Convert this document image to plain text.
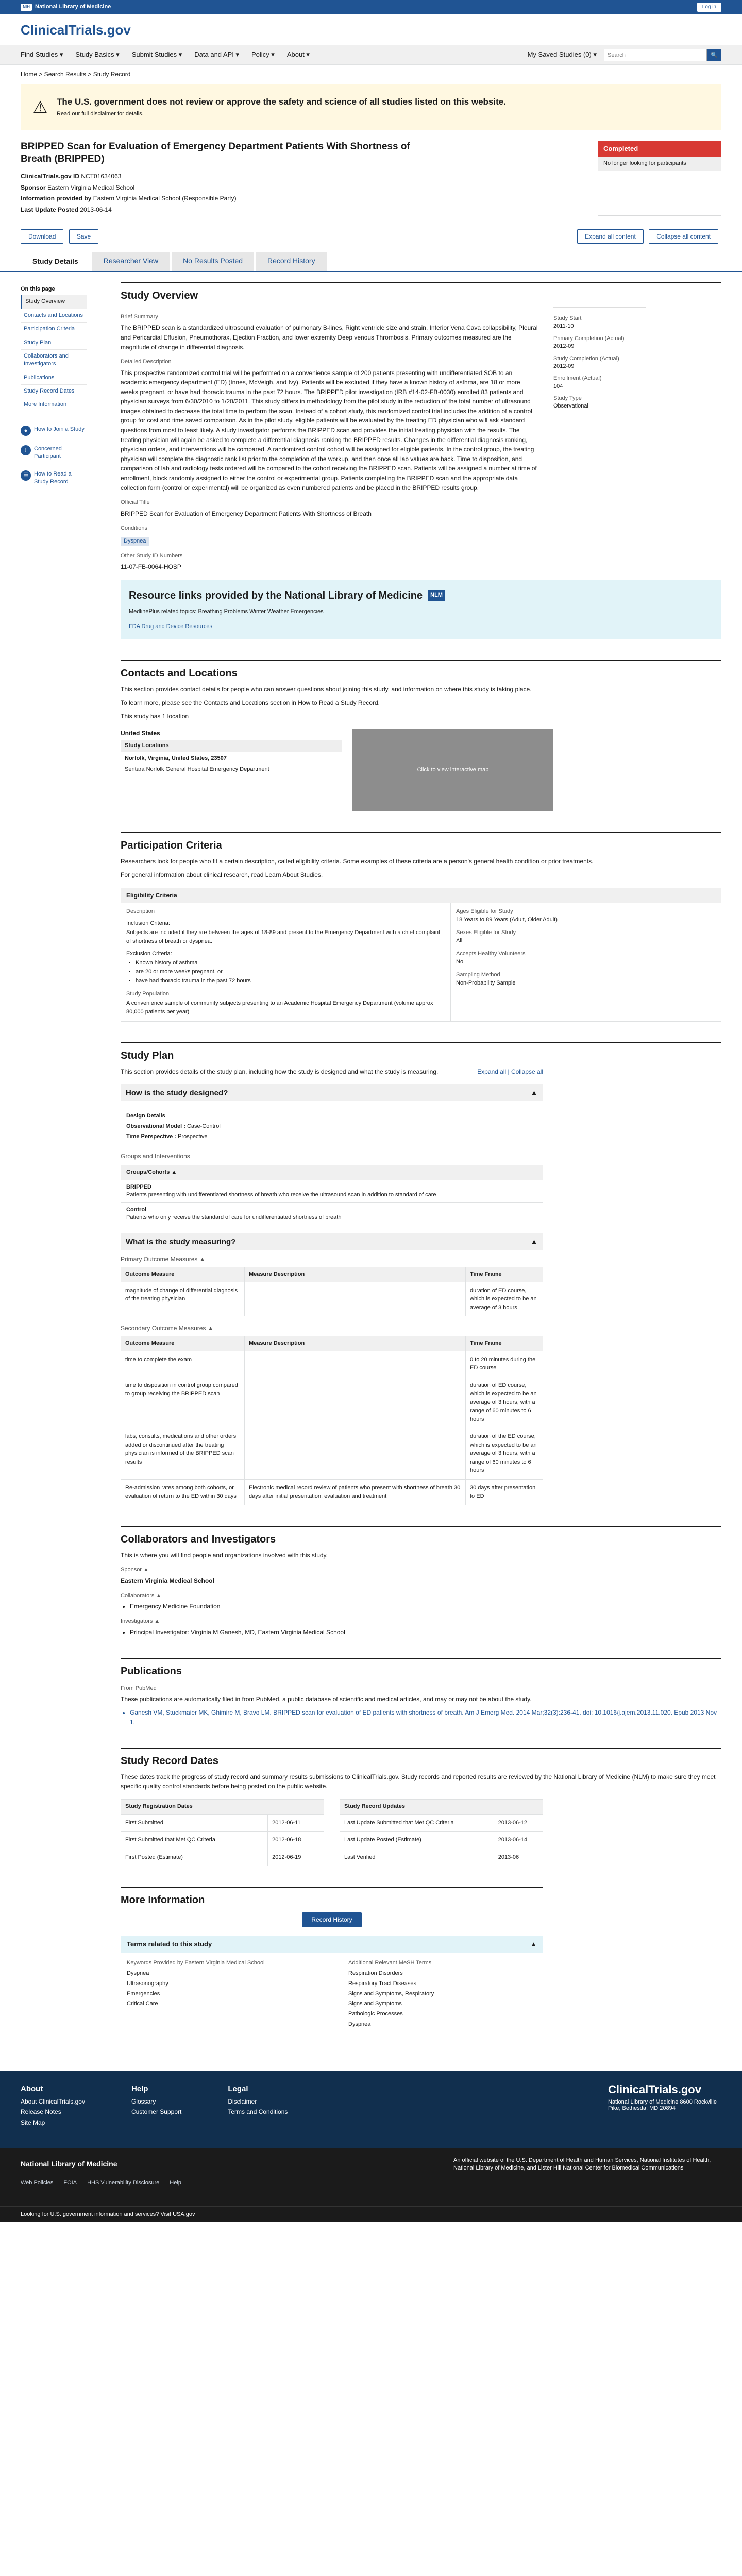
NIH National Library of Medicine	Log in
ClinicalTrials.gov
Find Studies ▾ Study Basics ▾ Submit Studies ▾ Data and API ▾ Policy ▾ About ▾	My Saved Studies (0) ▾
Search	🔍
Home > Search Results > Study Record
⚠ The U.S. government does not review or approve the safety and science of all studies listed on this website.
Read our full disclaimer for details.
BRIPPED Scan for Evaluation of Emergency Department Patients With Shortness of Breath (BRIPPED)
ClinicalTrials.gov ID NCT01634063
Sponsor Eastern Virginia Medical School
Information provided by Eastern Virginia Medical School (Responsible Party)
Last Update Posted 2013-06-14
Completed
No longer looking for participants
Download	Save	Expand all content	Collapse all content
Study Details	Researcher View	No Results Posted	Record History
On this page
Study Overview
Contacts and Locations
Participation Criteria
Study Plan
Collaborators and Investigators
Publications
Study Record Dates
More Information
●	How to Join a Study
!	Concerned Participant
☰	How to Read a Study Record
Study Overview
Brief Summary
The BRIPPED scan is a standardized ultrasound evaluation of pulmonary B-lines, Right ventricle size and strain, Inferior Vena Cava collapsibility, Pleural and Pericardial Effusion, Pneumothorax, Ejection Fraction, and lower extremity Deep venous Thrombosis. Primary outcomes measured are the magnitude of change in differential diagnosis.
Detailed Description
This prospective randomized control trial will be performed on a convenience sample of 200 patients presenting with undifferentiated SOB to an academic emergency department (ED) (Innes, McVeigh, and Ivy). Patients will be excluded if they have a known history of asthma, are 18 or more weeks pregnant, or have had thoracic trauma in the past 72 hours. The BRIPPED pilot investigation (IRB #14-02-FB-0030) enrolled 83 patients and physician surveys from 6/30/2010 to 1/20/2011. This study differs in methodology from the pilot study in the reduction of the total number of ultrasound images obtained to decrease the total time to perform the scan. Instead of a cohort study, this randomized control trial includes the addition of a control group for cost and time saved comparison. As in the pilot study, eligible patients will be evaluated by the treating ED physician who will ask standard questions from most to least likely. A study investigator performs the BRIPPED scan and provides the initial treating physician with the results. The treating physician will again be asked to complete a differential diagnosis ranking the BRIPPED results. Changes in the differential diagnosis ranking, physician orders, and interventions will be compared. A randomized control cohort will be assigned for eligible patients. In the control group, the treating physician will complete the diagnostic rank list prior to the completion of the workup, and then once all lab values are back. Time to disposition, and comparison of lab and radiology tests ordered will be compared to the cohort receiving the BRIPPED scan. Patients will be assigned a number at time of enrollment, block randomly assigned to either the control or experimental group. Patients completing the BRIPPED scan and the appropriate data collection form (control or experimental) will be organized as even numbered patients and be placed in the BRIPPED results group.
Official Title
BRIPPED Scan for Evaluation of Emergency Department Patients With Shortness of Breath
Conditions
Dyspnea
Other Study ID Numbers
11-07-FB-0064-HOSP
Study Start
2011-10
Primary Completion (Actual)
2012-09
Study Completion (Actual)
2012-09
Enrollment (Actual)
104
Study Type
Observational
Resource links provided by the National Library of Medicine	NLM
MedlinePlus related topics: Breathing Problems Winter Weather Emergencies
FDA Drug and Device Resources
Contacts and Locations
This section provides contact details for people who can answer questions about joining this study, and information on where this study is taking place.
To learn more, please see the Contacts and Locations section in How to Read a Study Record.
This study has 1 location
United States
Study Locations
Norfolk, Virginia, United States, 23507
Sentara Norfolk General Hospital Emergency Department	Click to view interactive map
Participation Criteria
Researchers look for people who fit a certain description, called eligibility criteria. Some examples of these criteria are a person's general health condition or prior treatments.
For general information about clinical research, read Learn About Studies.
Eligibility Criteria
Description
Inclusion Criteria:
Subjects are included if they are between the ages of 18-89 and present to the Emergency Department with a chief complaint of shortness of breath or dyspnea.
Exclusion Criteria:
• Known history of asthma
• are 20 or more weeks pregnant, or
• have had thoracic trauma in the past 72 hours
Study Population
A convenience sample of community subjects presenting to an Academic Hospital Emergency Department (volume approx 80,000 patients per year)
Ages Eligible for Study
18 Years to 89 Years (Adult, Older Adult)
Sexes Eligible for Study
All
Accepts Healthy Volunteers
No
Sampling Method
Non-Probability Sample
Study Plan
This section provides details of the study plan, including how the study is designed and what the study is measuring.	Expand all | Collapse all
How is the study designed?	▲
Design Details
Observational Model : Case-Control
Time Perspective : Prospective
Groups and Interventions
Groups/Cohorts ▲
BRIPPED
Patients presenting with undifferentiated shortness of breath who receive the ultrasound scan in addition to standard of care
Control
Patients who only receive the standard of care for undifferentiated shortness of breath
What is the study measuring?	▲
Primary Outcome Measures ▲
Outcome Measure	Measure Description	Time Frame
magnitude of change of differential diagnosis of the treating physician		duration of ED course, which is expected to be an average of 3 hours
Secondary Outcome Measures ▲
Outcome Measure	Measure Description	Time Frame
time to complete the exam		0 to 20 minutes during the ED course
time to disposition in control group compared to group receiving the BRIPPED scan		duration of ED course, which is expected to be an average of 3 hours, with a range of 60 minutes to 6 hours
labs, consults, medications and other orders added or discontinued after the treating physician is informed of the BRIPPED scan results		duration of the ED course, which is expected to be an average of 3 hours, with a range of 60 minutes to 6 hours
Re-admission rates among both cohorts, or evaluation of return to the ED within 30 days	Electronic medical record review of patients who present with shortness of breath 30 days after initial presentation, evaluation and treatment	30 days after presentation to ED
Collaborators and Investigators
This is where you will find people and organizations involved with this study.
Sponsor ▲
Eastern Virginia Medical School
Collaborators ▲
• Emergency Medicine Foundation
Investigators ▲
• Principal Investigator: Virginia M Ganesh, MD, Eastern Virginia Medical School
Publications
From PubMed
These publications are automatically filed in from PubMed, a public database of scientific and medical articles, and may or may not be about the study.
• Ganesh VM, Stuckmaier MK, Ghimire M, Bravo LM. BRIPPED scan for evaluation of ED patients with shortness of breath. Am J Emerg Med. 2014 Mar;32(3):236-41. doi: 10.1016/j.ajem.2013.11.020. Epub 2013 Nov 1.
Study Record Dates
These dates track the progress of study record and summary results submissions to ClinicalTrials.gov. Study records and reported results are reviewed by the National Library of Medicine (NLM) to make sure they meet specific quality control standards before being posted on the public website.
Study Registration Dates	
First Submitted	2012-06-11
First Submitted that Met QC Criteria	2012-06-18
First Posted (Estimate)	2012-06-19
Study Record Updates	
Last Update Submitted that Met QC Criteria	2013-06-12
Last Update Posted (Estimate)	2013-06-14
Last Verified	2013-06
More Information
Record History
Terms related to this study	▲
Keywords Provided by Eastern Virginia Medical School
Dyspnea
Ultrasonography
Emergencies
Critical Care
Additional Relevant MeSH Terms
Respiration Disorders
Respiratory Tract Diseases
Signs and Symptoms, Respiratory
Signs and Symptoms
Pathologic Processes
Dyspnea
About
About ClinicalTrials.gov
Release Notes
Site Map
Help
Glossary
Customer Support
Legal
Disclaimer
Terms and Conditions
ClinicalTrials.gov
National Library of Medicine 8600 Rockville Pike, Bethesda, MD 20894
National Library of Medicine	An official website of the U.S. Department of Health and Human Services, National Institutes of Health, National Library of Medicine, and Lister Hill National Center for Biomedical Communications
Web Policies FOIA HHS Vulnerability Disclosure Help
Looking for U.S. government information and services? Visit USA.gov
